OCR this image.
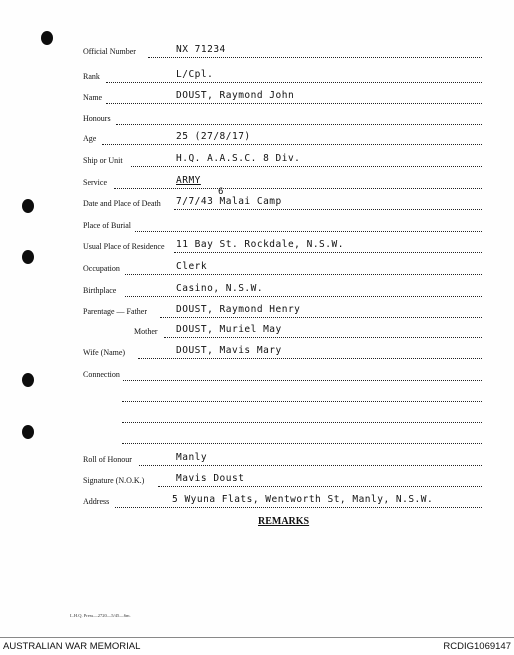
Official Number	NX 71234
Rank	L/Cpl.
Name	DOUST, Raymond John
Honours
Age	25 (27/8/17)
Ship or Unit	H.Q. A.A.S.C. 8 Div.
Service	ARMY
6
Date and Place of Death 7/7/43 Malai Camp
Place of Burial
Usual Place of Residence 11 Bay St. Rockdale, N.S.W.
Occupation	Clerk
Birthplace	Casino, N.S.W.
Parentage — Father	DOUST, Raymond Henry
Mother DOUST, Muriel May
Wife (Name)	DOUST, Mavis Mary
Connection
Roll of Honour	Manly
Signature (N.O.K.)	Mavis Doust
Address	5 Wyuna Flats, Wentworth St, Manly, N.S.W.
REMARKS
L.H.Q. Press—2720—5/45—6m.
AUSTRALIAN WAR MEMORIAL	RCDIG1069147
